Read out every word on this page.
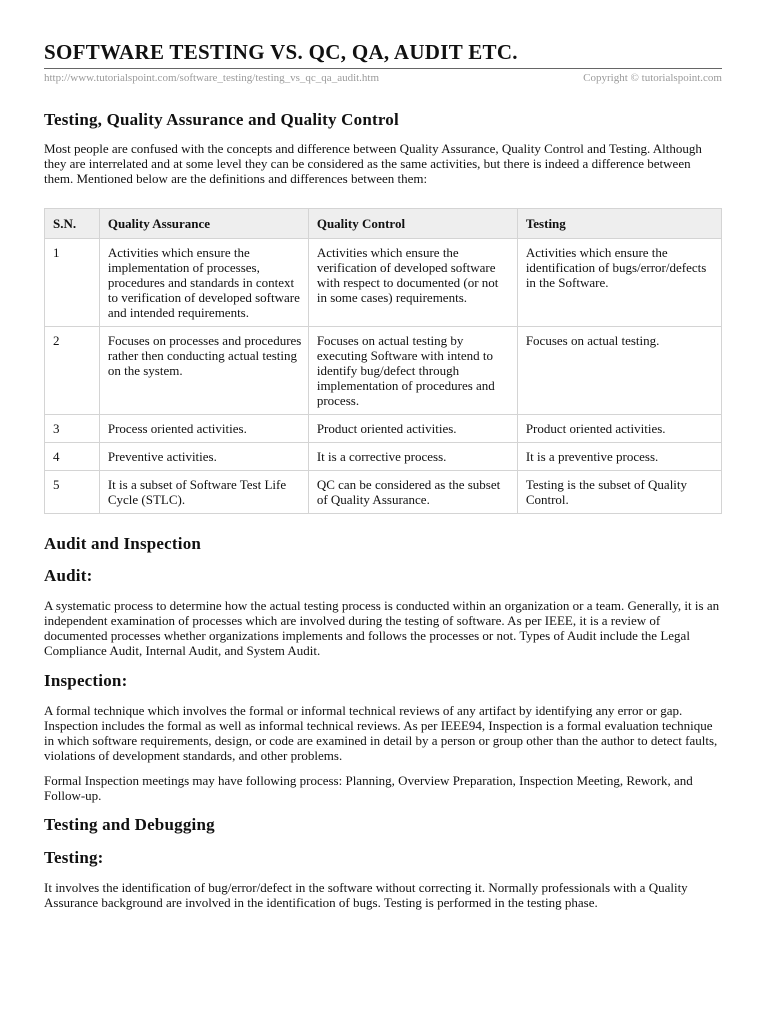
SOFTWARE TESTING VS. QC, QA, AUDIT ETC.
http://www.tutorialspoint.com/software_testing/testing_vs_qc_qa_audit.htm	Copyright © tutorialspoint.com
Testing, Quality Assurance and Quality Control

Most people are confused with the concepts and difference between Quality Assurance, Quality Control and Testing. Although they are interrelated and at some level they can be considered as the same activities, but there is indeed a difference between them. Mentioned below are the definitions and differences between them:

S.N.	Quality Assurance	Quality Control	Testing
1	Activities which ensure the implementation of processes, procedures and standards in context to verification of developed software and intended requirements.	Activities which ensure the verification of developed software with respect to documented (or not in some cases) requirements.	Activities which ensure the identification of bugs/error/defects in the Software.
2	Focuses on processes and procedures rather then conducting actual testing on the system.	Focuses on actual testing by executing Software with intend to identify bug/defect through implementation of procedures and process.	Focuses on actual testing.
3	Process oriented activities.	Product oriented activities.	Product oriented activities.
4	Preventive activities.	It is a corrective process.	It is a preventive process.
5	It is a subset of Software Test Life Cycle (STLC).	QC can be considered as the subset of Quality Assurance.	Testing is the subset of Quality Control.
Audit and Inspection
Audit:

A systematic process to determine how the actual testing process is conducted within an organization or a team. Generally, it is an independent examination of processes which are involved during the testing of software. As per IEEE, it is a review of documented processes whether organizations implements and follows the processes or not. Types of Audit include the Legal Compliance Audit, Internal Audit, and System Audit.

Inspection:

A formal technique which involves the formal or informal technical reviews of any artifact by identifying any error or gap. Inspection includes the formal as well as informal technical reviews. As per IEEE94, Inspection is a formal evaluation technique in which software requirements, design, or code are examined in detail by a person or group other than the author to detect faults, violations of development standards, and other problems.

Formal Inspection meetings may have following process: Planning, Overview Preparation, Inspection Meeting, Rework, and Follow-up.

Testing and Debugging
Testing:

It involves the identification of bug/error/defect in the software without correcting it. Normally professionals with a Quality Assurance background are involved in the identification of bugs. Testing is performed in the testing phase.
